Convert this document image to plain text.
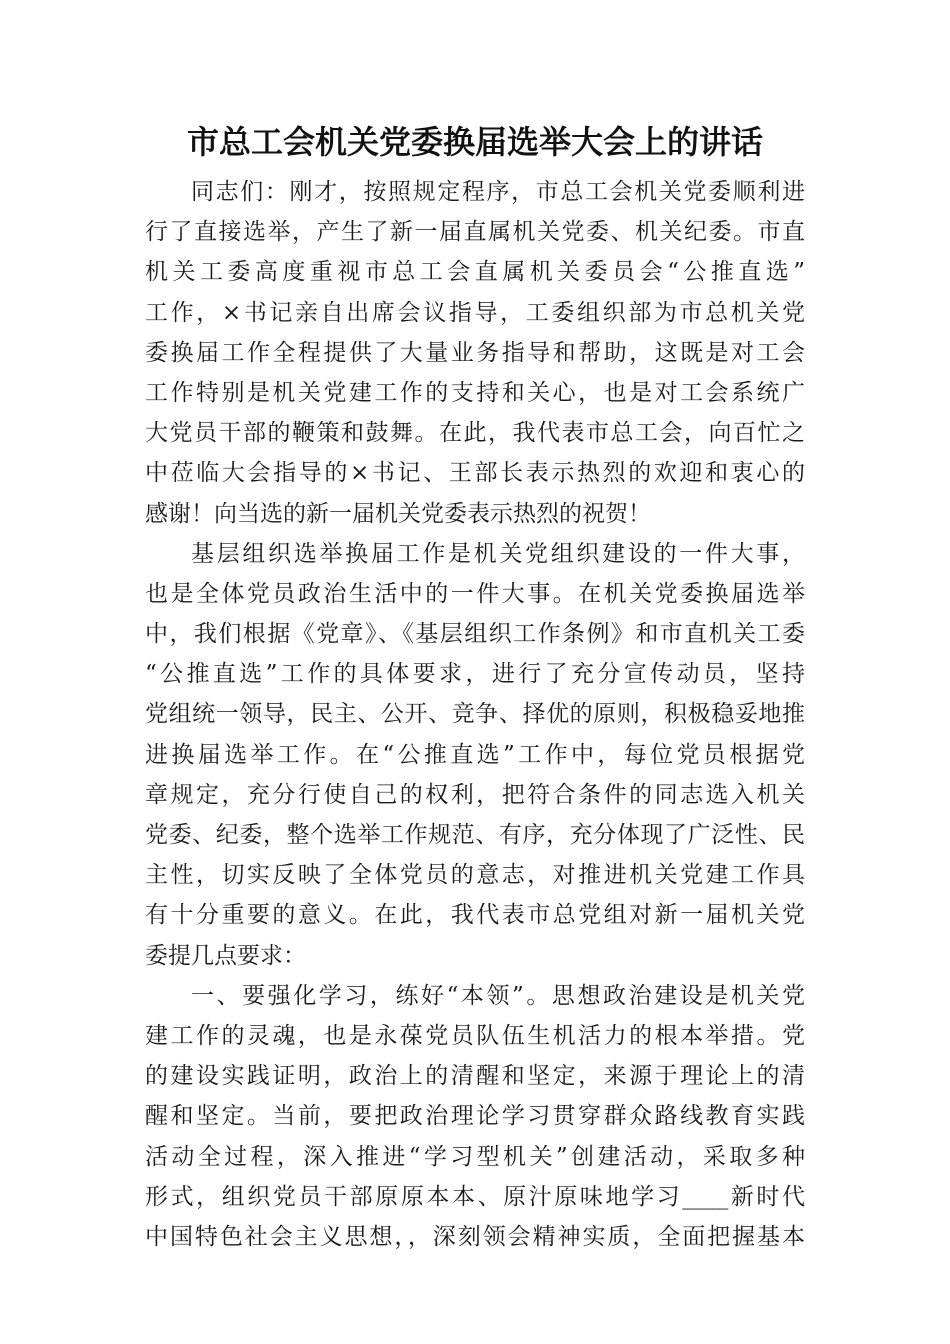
市总工会机关党委换届选举大会上的讲话
同志们：刚才，按照规定程序，市总工会机关党委顺利进
行了直接选举，产生了新一届直属机关党委、机关纪委。市直
机关工委高度重视市总工会直属机关委员会“公推直选”
工作，×书记亲自出席会议指导，工委组织部为市总机关党
委换届工作全程提供了大量业务指导和帮助，这既是对工会
工作特别是机关党建工作的支持和关心，也是对工会系统广
大党员干部的鞭策和鼓舞。在此，我代表市总工会，向百忙之
中莅临大会指导的×书记、王部长表示热烈的欢迎和衷心的
感谢！向当选的新一届机关党委表示热烈的祝贺！
基层组织选举换届工作是机关党组织建设的一件大事，
也是全体党员政治生活中的一件大事。在机关党委换届选举
中，我们根据《党章》、《基层组织工作条例》和市直机关工委
“公推直选”工作的具体要求，进行了充分宣传动员，坚持
党组统一领导，民主、公开、竞争、择优的原则，积极稳妥地推
进换届选举工作。在“公推直选”工作中，每位党员根据党
章规定，充分行使自己的权利，把符合条件的同志选入机关
党委、纪委，整个选举工作规范、有序，充分体现了广泛性、民
主性，切实反映了全体党员的意志，对推进机关党建工作具
有十分重要的意义。在此，我代表市总党组对新一届机关党
委提几点要求：
一、要强化学习，练好“本领”。思想政治建设是机关党
建工作的灵魂，也是永葆党员队伍生机活力的根本举措。党
的建设实践证明，政治上的清醒和坚定，来源于理论上的清
醒和坚定。当前，要把政治理论学习贯穿群众路线教育实践
活动全过程，深入推进“学习型机关”创建活动，采取多种
形式，组织党员干部原原本本、原汁原味地学习____新时代
中国特色社会主义思想，，深刻领会精神实质，全面把握基本
